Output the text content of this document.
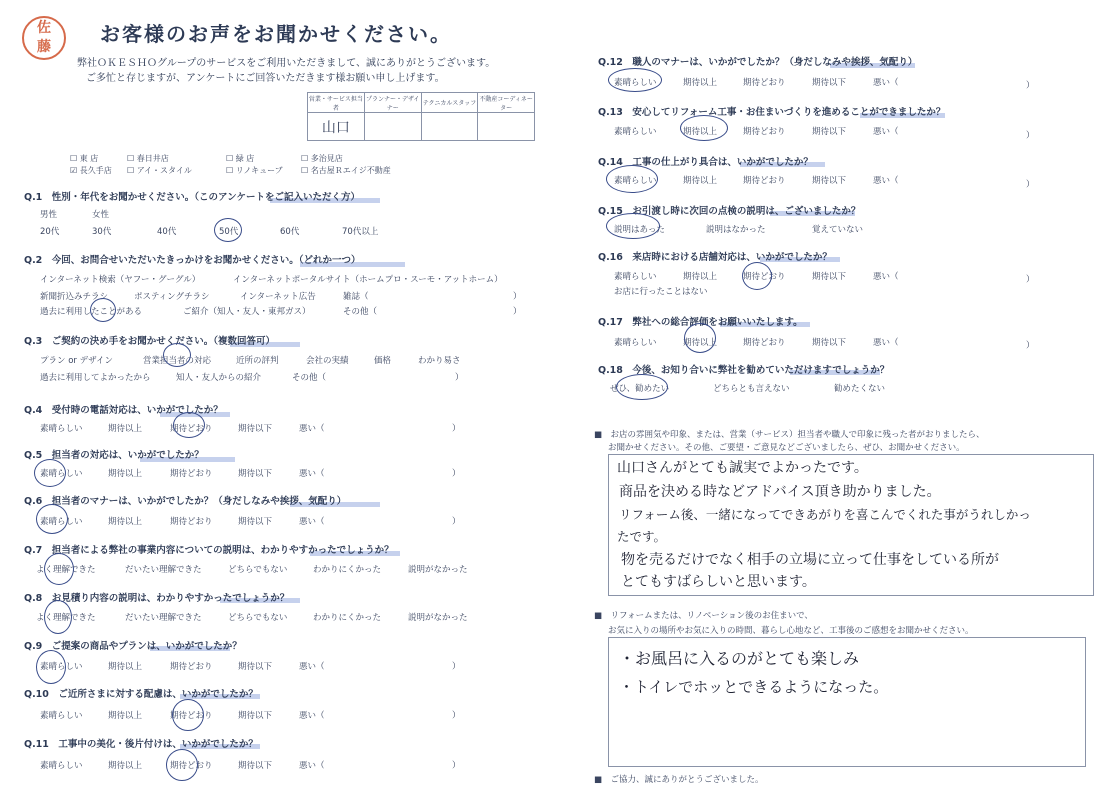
佐藤
お客様のお声をお聞かせください。
弊社ＯＫＥＳＨＯグループのサービスをご利用いただきまして、誠にありがとうございます。
ご多忙と存じますが、アンケートにご回答いただきます様お願い申し上げます。
営業・サービス担当者	プランナー・デザイナー	テクニカルスタッフ	不動産コーディネーター
山口			
☐ 東 店	☐ 春日井店	☐ 緑 店	☐ 多治見店
☑ 長久手店 ☐ アイ・スタイル	☐ リノキューブ ☐ 名古屋Ｒエイジ不動産
Q.1　性別・年代をお聞かせください。（このアンケートをご記入いただく方）
男性	女性
20代	30代	40代	50代	60代	70代以上
Q.2　今回、お問合せいただいたきっかけをお聞かせください。（どれか一つ）
インターネット検索（ヤフー・グーグル）	インターネットポータルサイト（ホームプロ・スーモ・アットホーム）
新聞折込みチラシ	ポスティングチラシ	インターネット広告	雑誌（	）
過去に利用したことがある	ご紹介（知人・友人・東邦ガス）	その他（	）
Q.3　ご契約の決め手をお聞かせください。（複数回答可）
プラン or デザイン	営業担当者の対応	近所の評判	会社の実績	価格	わかり易さ
過去に利用してよかったから	知人・友人からの紹介	その他（	）
Q.4　受付時の電話対応は、いかがでしたか？
素晴らしい	期待以上	期待どおり	期待以下	悪い（	）
Q.5　担当者の対応は、いかがでしたか？
素晴らしい	期待以上	期待どおり	期待以下	悪い（	）
Q.6　担当者のマナーは、いかがでしたか？（身だしなみや挨拶、気配り）
素晴らしい	期待以上	期待どおり	期待以下	悪い（	）
Q.7　担当者による弊社の事業内容についての説明は、わかりやすかったでしょうか？
よく理解できた	だいたい理解できた	どちらでもない	わかりにくかった	説明がなかった
Q.8　お見積り内容の説明は、わかりやすかったでしょうか？
よく理解できた	だいたい理解できた	どちらでもない	わかりにくかった	説明がなかった
Q.9　ご提案の商品やプランは、いかがでしたか？
素晴らしい	期待以上	期待どおり	期待以下	悪い（	）
Q.10　ご近所さまに対する配慮は、いかがでしたか？
素晴らしい	期待以上	期待どおり	期待以下	悪い（	）
Q.11　工事中の美化・後片付けは、いかがでしたか？
素晴らしい	期待以上	期待どおり	期待以下	悪い（	）
Q.12　職人のマナーは、いかがでしたか？（身だしなみや挨拶、気配り）
素晴らしい	期待以上	期待どおり	期待以下	悪い（	）
Q.13　安心してリフォーム工事・お住まいづくりを進めることができましたか？
素晴らしい	期待以上	期待どおり	期待以下	悪い（	）
Q.14　工事の仕上がり具合は、いかがでしたか？
素晴らしい	期待以上	期待どおり	期待以下	悪い（	）
Q.15　お引渡し時に次回の点検の説明は、ございましたか？
説明はあった	説明はなかった	覚えていない
Q.16　来店時における店舗対応は、いかがでしたか？
素晴らしい	期待以上	期待どおり	期待以下	悪い（	）
お店に行ったことはない
Q.17　弊社への総合評価をお願いいたします。
素晴らしい	期待以上	期待どおり	期待以下	悪い（	）
Q.18　今後、お知り合いに弊社を勧めていただけますでしょうか？
ぜひ、勧めたい	どちらとも言えない	勧めたくない
■　お店の雰囲気や印象、または、営業（サービス）担当者や職人で印象に残った者がおりましたら、
お聞かせください。その他、ご要望・ご意見などございましたら、ぜひ、お聞かせください。
山口さんがとても誠実でよかったです。
商品を決める時などアドバイス頂き助かりました。
リフォーム後、一緒になってできあがりを喜こんでくれた事がうれしかっ
たです。
物を売るだけでなく相手の立場に立って仕事をしている所が
とてもすばらしいと思います。
■　リフォームまたは、リノベーション後のお住まいで、
お気に入りの場所やお気に入りの時間、暮らし心地など、工事後のご感想をお聞かせください。
・お風呂に入るのがとても楽しみ
・トイレでホッとできるようになった。
■　ご協力、誠にありがとうございました。
